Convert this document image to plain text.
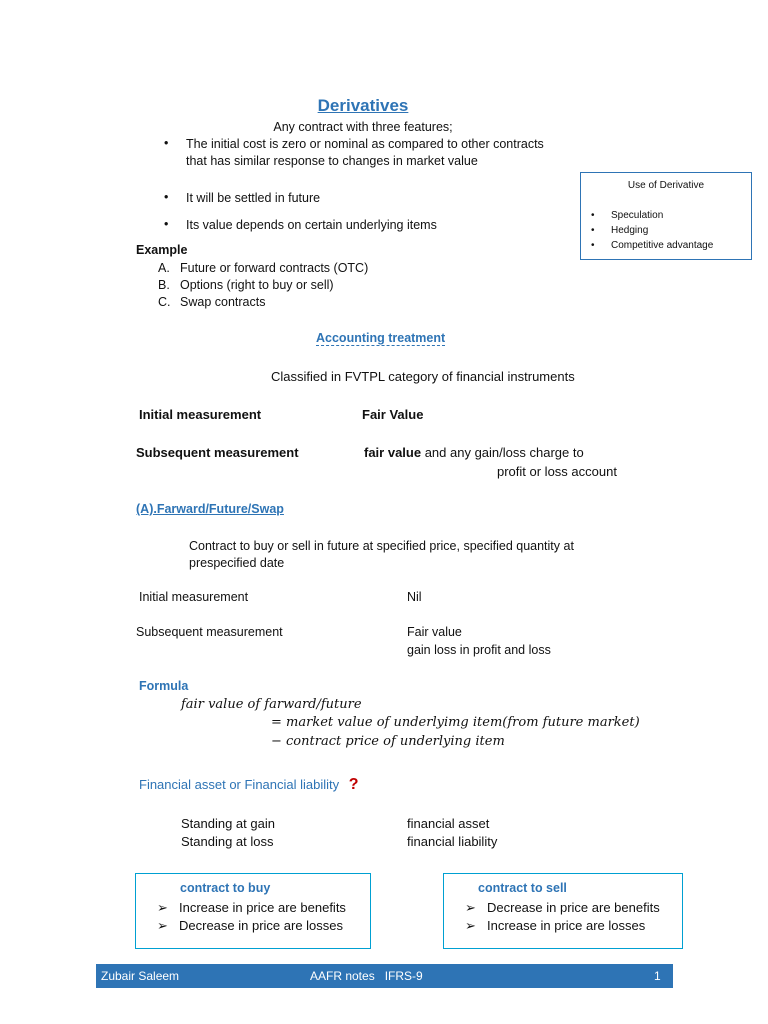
Derivatives
Any contract with three features;
• The initial cost is zero or nominal as compared to other contracts
that has similar response to changes in market value
• It will be settled in future
• Its value depends on certain underlying items
Use of Derivative
• Speculation
• Hedging
• Competitive advantage
Example
A. Future or forward contracts (OTC)
B. Options (right to buy or sell)
C. Swap contracts
Accounting treatment
Classified in FVTPL category of financial instruments
Initial measurement	Fair Value
Subsequent measurement	fair value and any gain/loss charge to
profit or loss account
(A).Farward/Future/Swap
Contract to buy or sell in future at specified price, specified quantity at
prespecified date
Initial measurement	Nil
Subsequent measurement	Fair value
gain loss in profit and loss
Formula
fair value of farward/future
= market value of underlyimg item(from future market)
− contract price of underlying item
Financial asset or Financial liability ?
Standing at gain	financial asset
Standing at loss	financial liability
contract to buy
➢ Increase in price are benefits
➢ Decrease in price are losses
contract to sell
➢ Decrease in price are benefits
➢ Increase in price are losses
Zubair Saleem	AAFR notes   IFRS-9	1
